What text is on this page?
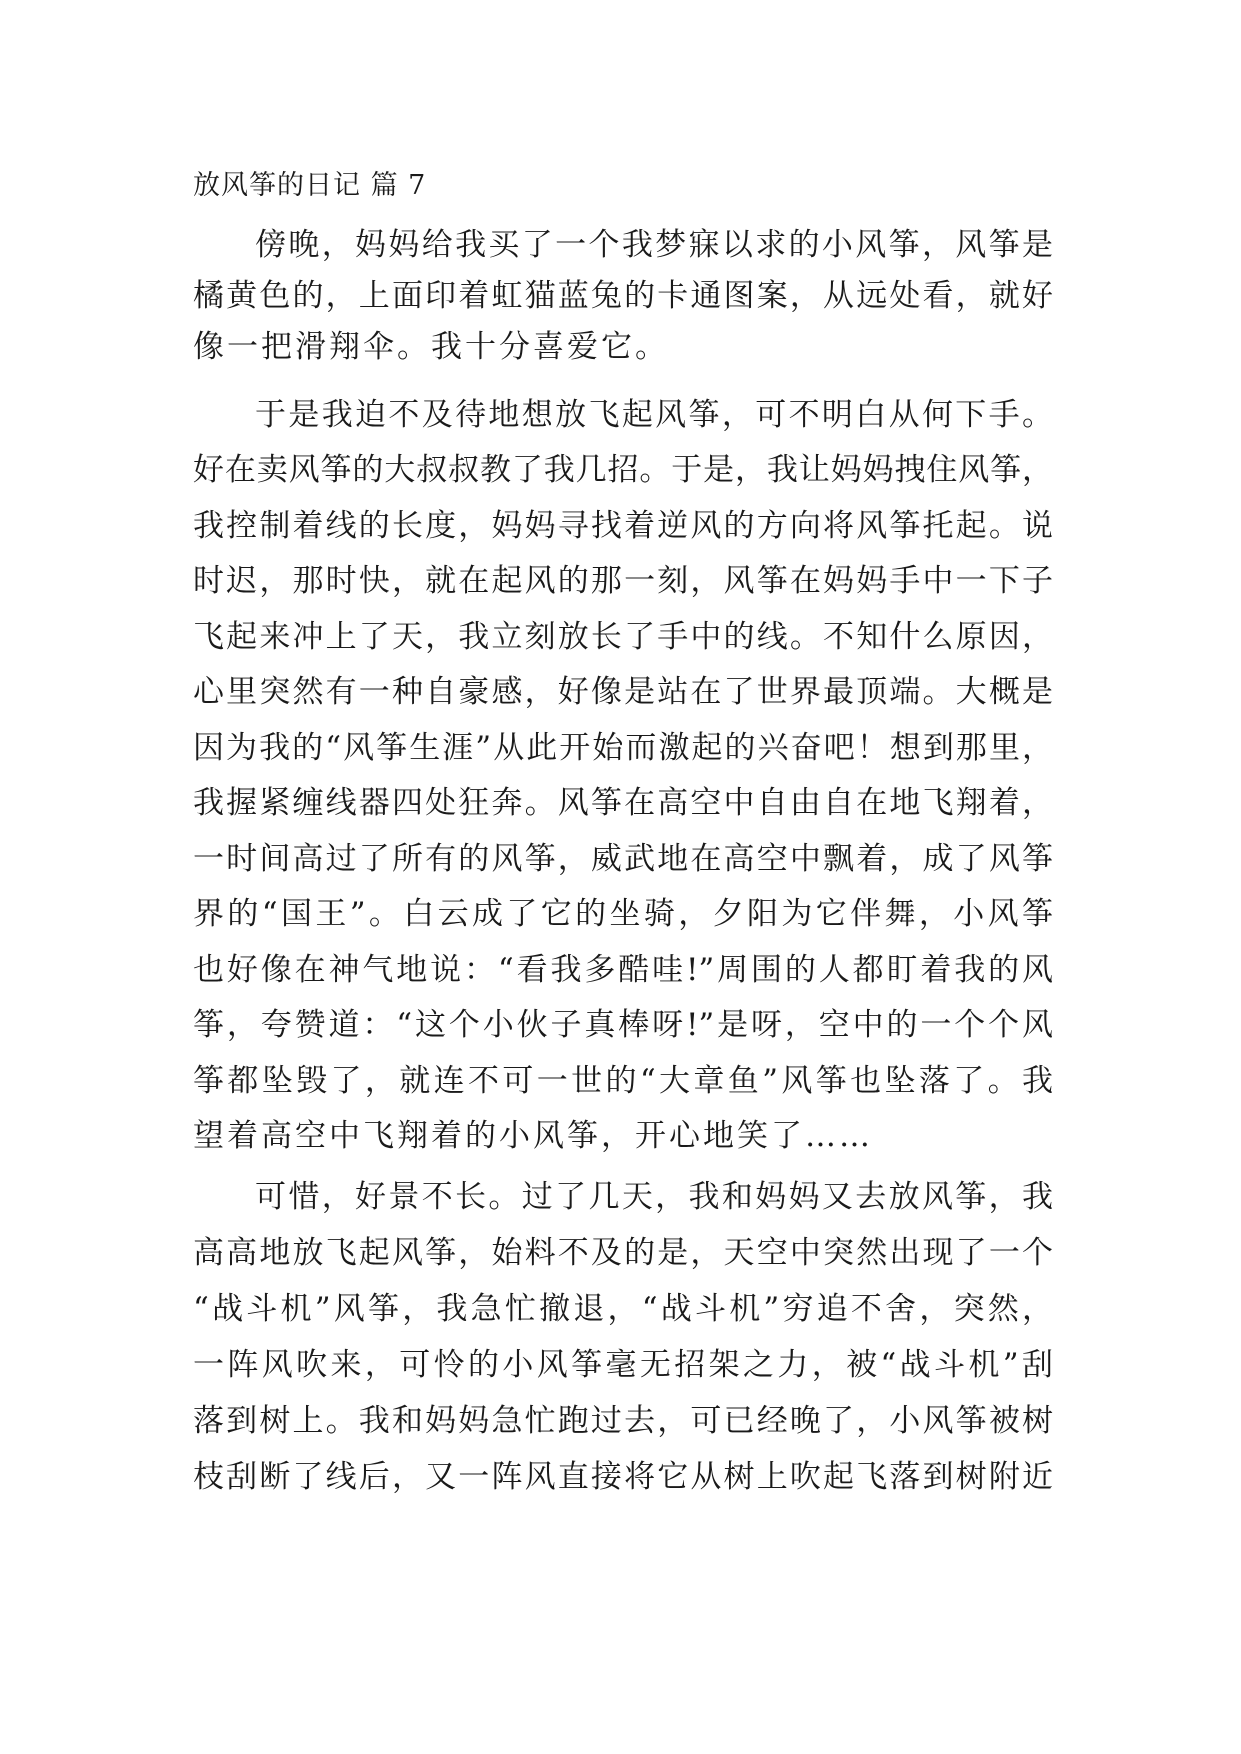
放风筝的日记 篇 7
傍晚，妈妈给我买了一个我梦寐以求的小风筝，风筝是
橘黄色的，上面印着虹猫蓝兔的卡通图案，从远处看，就好
像一把滑翔伞。我十分喜爱它。
于是我迫不及待地想放飞起风筝，可不明白从何下手。
好在卖风筝的大叔叔教了我几招。于是，我让妈妈拽住风筝，
我控制着线的长度，妈妈寻找着逆风的方向将风筝托起。说
时迟，那时快，就在起风的那一刻，风筝在妈妈手中一下子
飞起来冲上了天，我立刻放长了手中的线。不知什么原因，
心里突然有一种自豪感，好像是站在了世界最顶端。大概是
因为我的“风筝生涯”从此开始而激起的兴奋吧！想到那里，
我握紧缠线器四处狂奔。风筝在高空中自由自在地飞翔着，
一时间高过了所有的风筝，威武地在高空中飘着，成了风筝
界的“国王”。白云成了它的坐骑，夕阳为它伴舞，小风筝
也好像在神气地说：“看我多酷哇!”周围的人都盯着我的风
筝，夸赞道：“这个小伙子真棒呀!”是呀，空中的一个个风
筝都坠毁了，就连不可一世的“大章鱼”风筝也坠落了。我
望着高空中飞翔着的小风筝，开心地笑了……
可惜，好景不长。过了几天，我和妈妈又去放风筝，我
高高地放飞起风筝，始料不及的是，天空中突然出现了一个
“战斗机”风筝，我急忙撤退，“战斗机”穷追不舍，突然，
一阵风吹来，可怜的小风筝毫无招架之力，被“战斗机”刮
落到树上。我和妈妈急忙跑过去，可已经晚了，小风筝被树
枝刮断了线后，又一阵风直接将它从树上吹起飞落到树附近
